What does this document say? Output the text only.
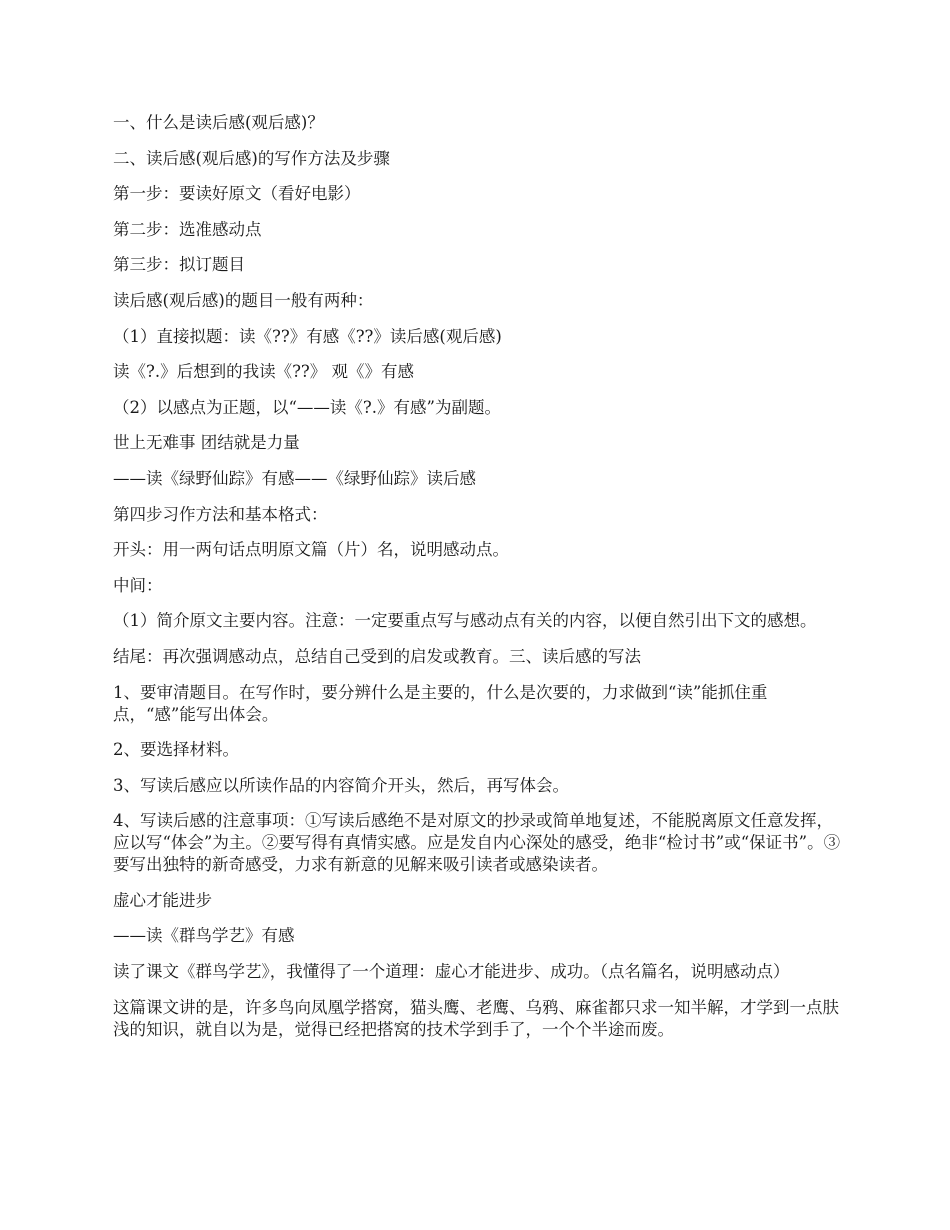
一、什么是读后感(观后感)？

二、读后感(观后感)的写作方法及步骤

第一步：要读好原文（看好电影）

第二步：选准感动点

第三步：拟订题目

读后感(观后感)的题目一般有两种：

（1）直接拟题：读《??》有感《??》读后感(观后感)

读《?.》后想到的我读《??》 观《》有感

（2）以感点为正题，以“——读《?.》有感”为副题。

世上无难事 团结就是力量

——读《绿野仙踪》有感——《绿野仙踪》读后感

第四步习作方法和基本格式：

开头：用一两句话点明原文篇（片）名，说明感动点。

中间：

（1）简介原文主要内容。注意：一定要重点写与感动点有关的内容，以便自然引出下文的感想。

结尾：再次强调感动点，总结自己受到的启发或教育。三、读后感的写法

1、要审清题目。在写作时，要分辨什么是主要的，什么是次要的，力求做到“读”能抓住重点，“感”能写出体会。

2、要选择材料。

3、写读后感应以所读作品的内容简介开头，然后，再写体会。

4、写读后感的注意事项：①写读后感绝不是对原文的抄录或简单地复述，不能脱离原文任意发挥，应以写“体会”为主。②要写得有真情实感。应是发自内心深处的感受，绝非“检讨书”或“保证书”。③要写出独特的新奇感受，力求有新意的见解来吸引读者或感染读者。

虚心才能进步

——读《群鸟学艺》有感

读了课文《群鸟学艺》，我懂得了一个道理：虚心才能进步、成功。（点名篇名，说明感动点）

这篇课文讲的是，许多鸟向凤凰学搭窝，猫头鹰、老鹰、乌鸦、麻雀都只求一知半解，才学到一点肤浅的知识，就自以为是，觉得已经把搭窝的技术学到手了，一个个半途而废。
